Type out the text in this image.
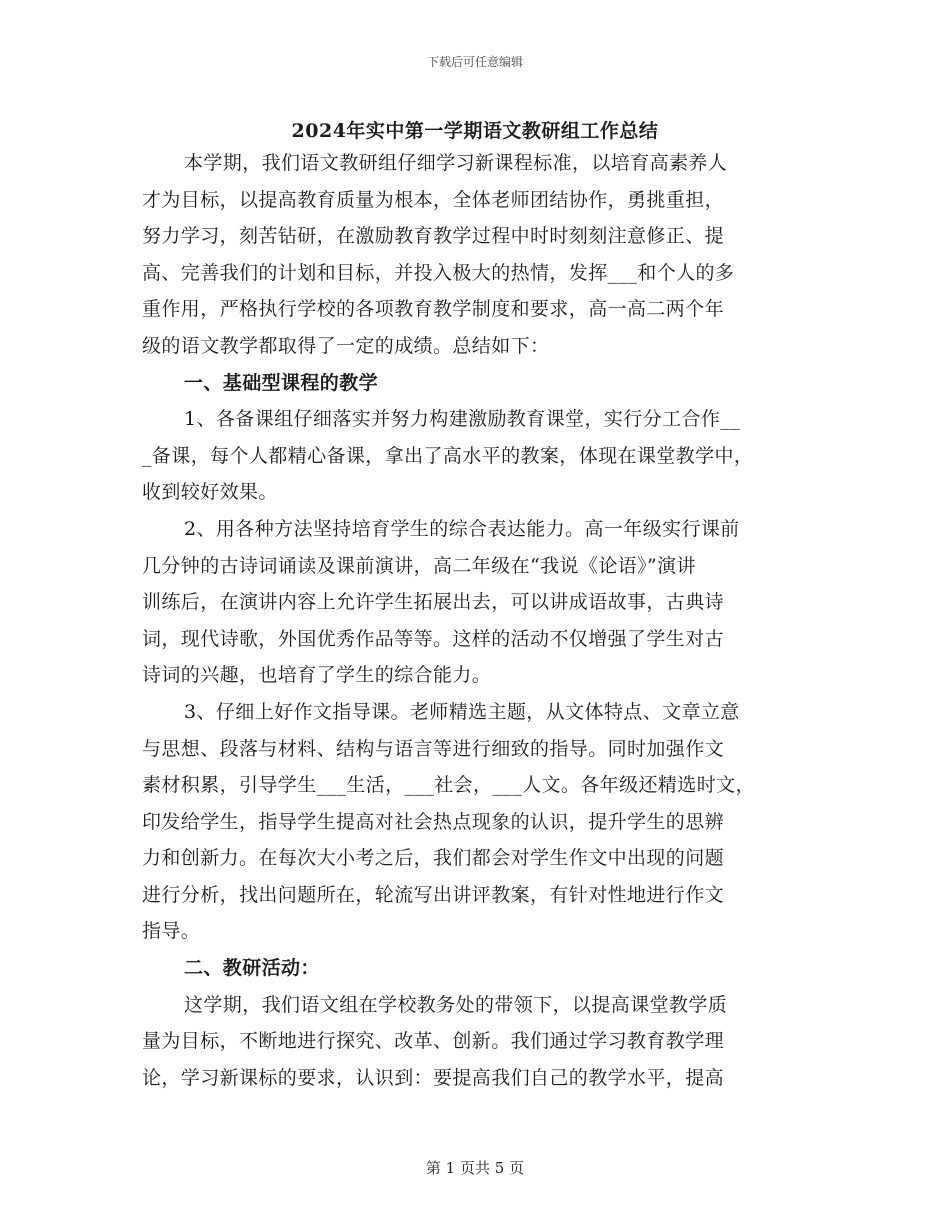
下载后可任意编辑
2024年实中第一学期语文教研组工作总结
本学期，我们语文教研组仔细学习新课程标准，以培育高素养人
才为目标，以提高教育质量为根本，全体老师团结协作，勇挑重担，
努力学习，刻苦钻研，在激励教育教学过程中时时刻刻注意修正、提
高、完善我们的计划和目标，并投入极大的热情，发挥___和个人的多
重作用，严格执行学校的各项教育教学制度和要求，高一高二两个年
级的语文教学都取得了一定的成绩。总结如下：
一、基础型课程的教学
1、各备课组仔细落实并努力构建激励教育课堂，实行分工合作__
_备课，每个人都精心备课，拿出了高水平的教案，体现在课堂教学中，
收到较好效果。
2、用各种方法坚持培育学生的综合表达能力。高一年级实行课前
几分钟的古诗词诵读及课前演讲，高二年级在“我说《论语》”演讲
训练后，在演讲内容上允许学生拓展出去，可以讲成语故事，古典诗
词，现代诗歌，外国优秀作品等等。这样的活动不仅增强了学生对古
诗词的兴趣，也培育了学生的综合能力。
3、仔细上好作文指导课。老师精选主题，从文体特点、文章立意
与思想、段落与材料、结构与语言等进行细致的指导。同时加强作文
素材积累，引导学生___生活，___社会，___人文。各年级还精选时文，
印发给学生，指导学生提高对社会热点现象的认识，提升学生的思辨
力和创新力。在每次大小考之后，我们都会对学生作文中出现的问题
进行分析，找出问题所在，轮流写出讲评教案，有针对性地进行作文
指导。
二、教研活动：
这学期，我们语文组在学校教务处的带领下，以提高课堂教学质
量为目标，不断地进行探究、改革、创新。我们通过学习教育教学理
论，学习新课标的要求，认识到：要提高我们自己的教学水平，提高
第 1 页共 5 页
